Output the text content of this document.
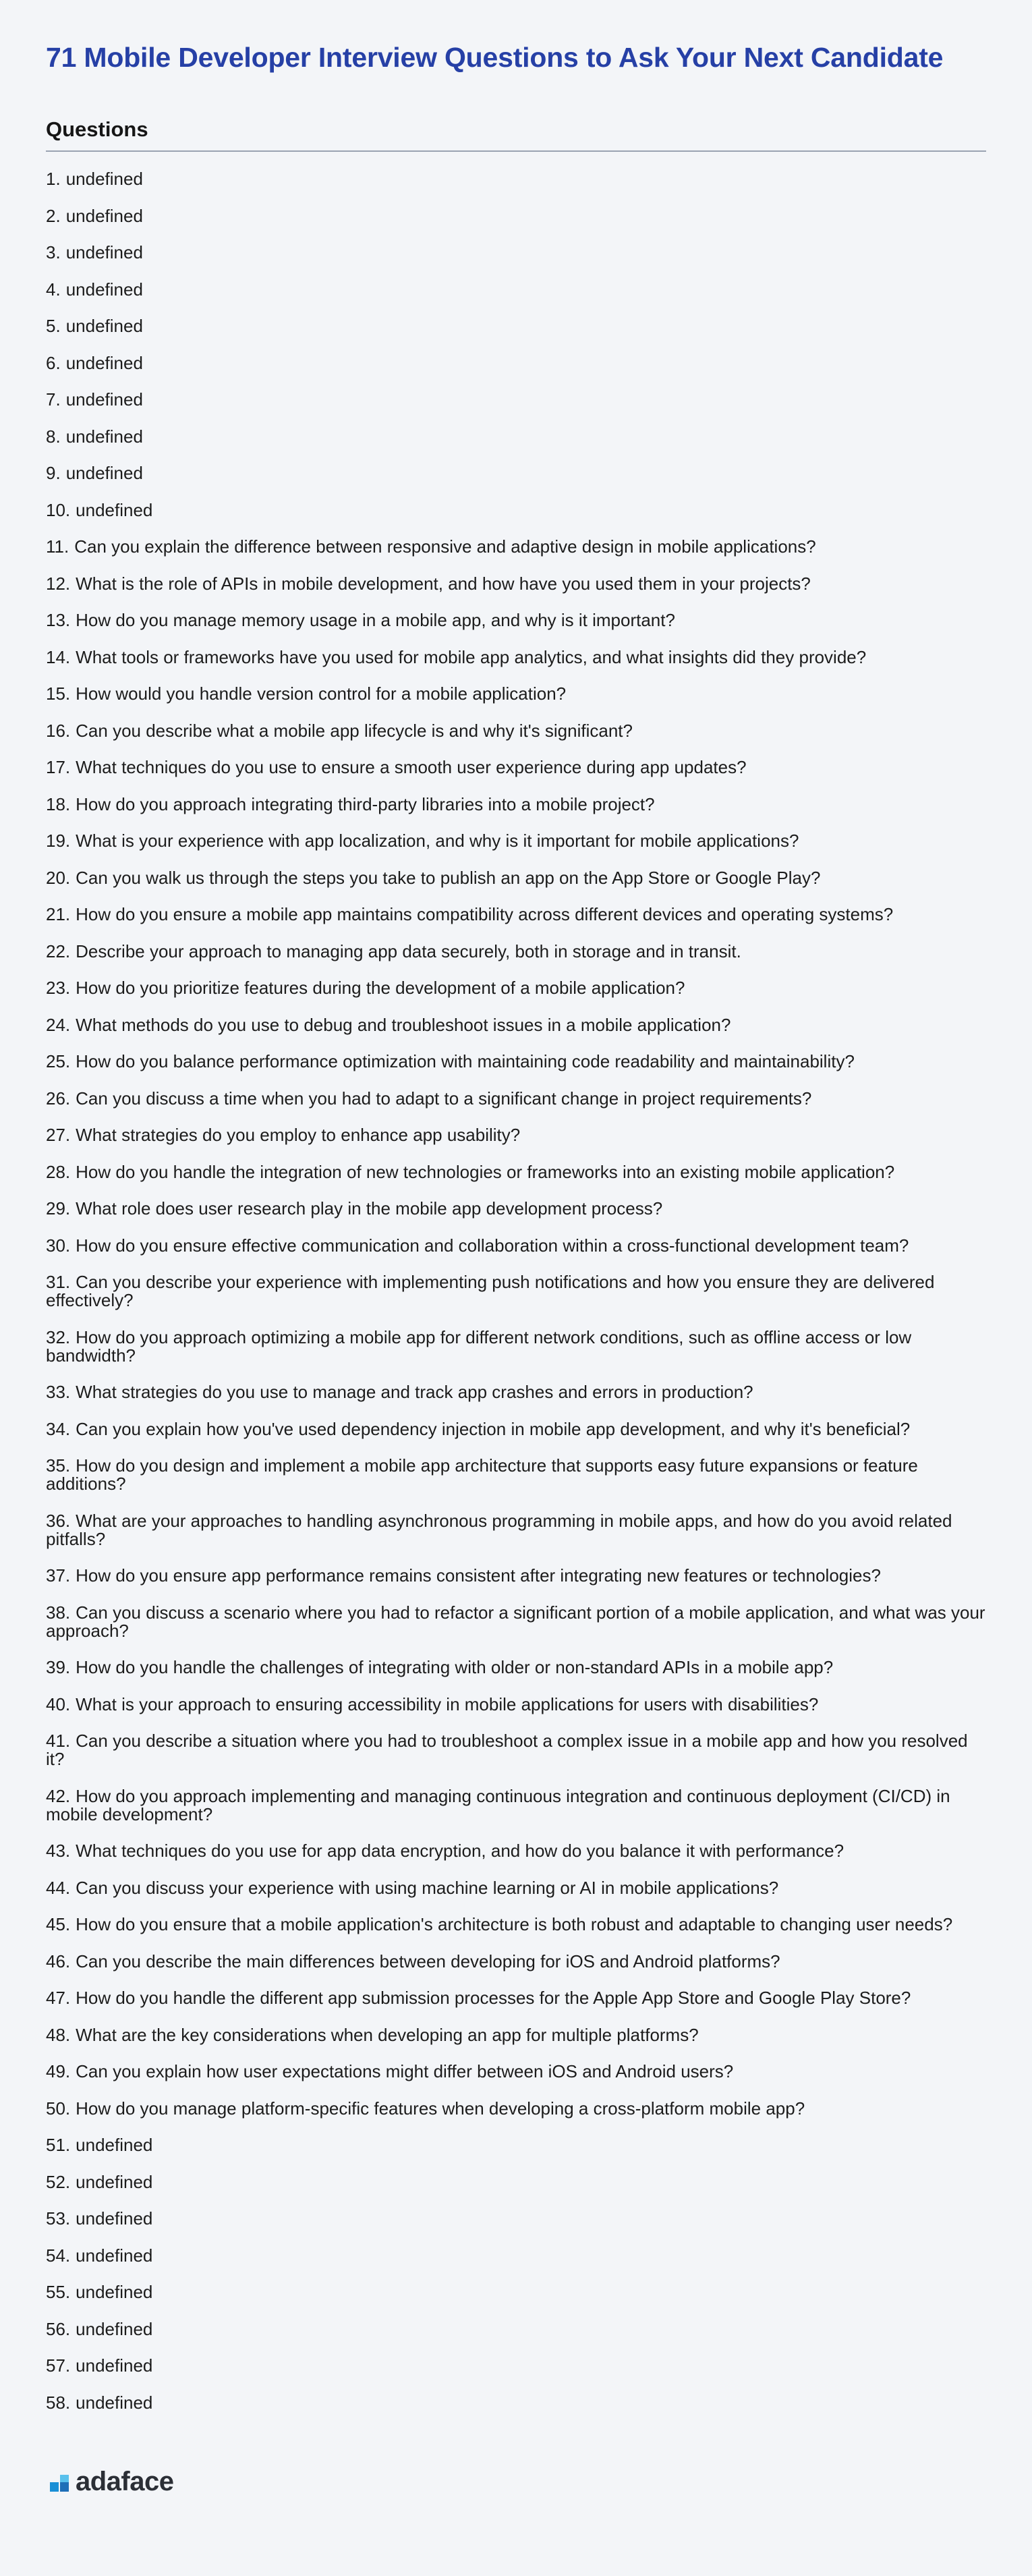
71 Mobile Developer Interview Questions to Ask Your Next Candidate
Questions
1. undefined
2. undefined
3. undefined
4. undefined
5. undefined
6. undefined
7. undefined
8. undefined
9. undefined
10. undefined
11. Can you explain the difference between responsive and adaptive design in mobile applications?
12. What is the role of APIs in mobile development, and how have you used them in your projects?
13. How do you manage memory usage in a mobile app, and why is it important?
14. What tools or frameworks have you used for mobile app analytics, and what insights did they provide?
15. How would you handle version control for a mobile application?
16. Can you describe what a mobile app lifecycle is and why it's significant?
17. What techniques do you use to ensure a smooth user experience during app updates?
18. How do you approach integrating third-party libraries into a mobile project?
19. What is your experience with app localization, and why is it important for mobile applications?
20. Can you walk us through the steps you take to publish an app on the App Store or Google Play?
21. How do you ensure a mobile app maintains compatibility across different devices and operating systems?
22. Describe your approach to managing app data securely, both in storage and in transit.
23. How do you prioritize features during the development of a mobile application?
24. What methods do you use to debug and troubleshoot issues in a mobile application?
25. How do you balance performance optimization with maintaining code readability and maintainability?
26. Can you discuss a time when you had to adapt to a significant change in project requirements?
27. What strategies do you employ to enhance app usability?
28. How do you handle the integration of new technologies or frameworks into an existing mobile application?
29. What role does user research play in the mobile app development process?
30. How do you ensure effective communication and collaboration within a cross-functional development team?
31. Can you describe your experience with implementing push notifications and how you ensure they are delivered effectively?
32. How do you approach optimizing a mobile app for different network conditions, such as offline access or low bandwidth?
33. What strategies do you use to manage and track app crashes and errors in production?
34. Can you explain how you've used dependency injection in mobile app development, and why it's beneficial?
35. How do you design and implement a mobile app architecture that supports easy future expansions or feature additions?
36. What are your approaches to handling asynchronous programming in mobile apps, and how do you avoid related pitfalls?
37. How do you ensure app performance remains consistent after integrating new features or technologies?
38. Can you discuss a scenario where you had to refactor a significant portion of a mobile application, and what was your approach?
39. How do you handle the challenges of integrating with older or non-standard APIs in a mobile app?
40. What is your approach to ensuring accessibility in mobile applications for users with disabilities?
41. Can you describe a situation where you had to troubleshoot a complex issue in a mobile app and how you resolved it?
42. How do you approach implementing and managing continuous integration and continuous deployment (CI/CD) in mobile development?
43. What techniques do you use for app data encryption, and how do you balance it with performance?
44. Can you discuss your experience with using machine learning or AI in mobile applications?
45. How do you ensure that a mobile application's architecture is both robust and adaptable to changing user needs?
46. Can you describe the main differences between developing for iOS and Android platforms?
47. How do you handle the different app submission processes for the Apple App Store and Google Play Store?
48. What are the key considerations when developing an app for multiple platforms?
49. Can you explain how user expectations might differ between iOS and Android users?
50. How do you manage platform-specific features when developing a cross-platform mobile app?
51. undefined
52. undefined
53. undefined
54. undefined
55. undefined
56. undefined
57. undefined
58. undefined
adaface
